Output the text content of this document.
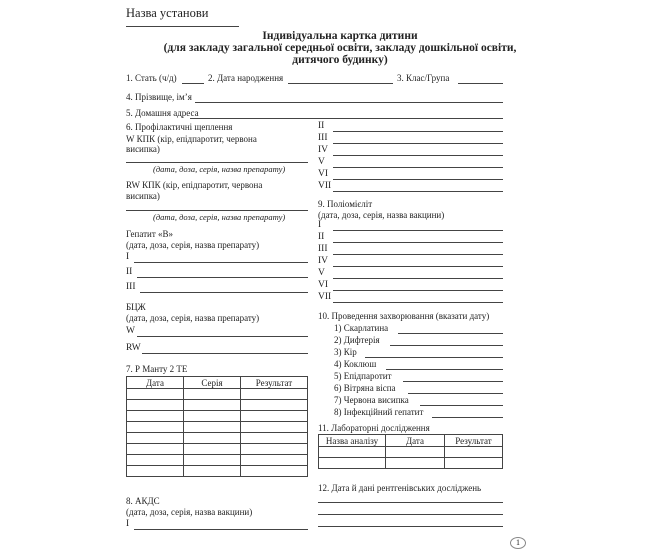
Назва установи
Індивідуальна картка дитини
(для закладу загальної середньої освіти, закладу дошкільної освіти,
дитячого будинку)
1. Стать (ч/д)	2. Дата народження	3. Клас/Група
4. Прізвище, ім’я
5. Домашня адреса
6. Профілактичні щеплення
W КПК (кір, епідпаротит, червона
висипка)
(дата, доза, серія, назва препарату)
RW КПК (кір, епідпаротит, червона
висипка)
(дата, доза, серія, назва препарату)
Гепатит «В»
(дата, доза, серія, назва препарату)
I
II
III
БЦЖ
(дата, доза, серія, назва препарату)
W
RW
7. Р Манту 2 ТЕ
Дата	Серія	Результат

8. АКДС
(дата, доза, серія, назва вакцини)
I
II
III
IV
V
VI
VII
9. Поліомієліт
(дата, доза, серія, назва вакцини)
I
II
III
IV
V
VI
VII
10. Проведення захворювання (вказати дату)
1) Скарлатина
2) Дифтерія
3) Кір
4) Коклюш
5) Епідпаротит
6) Вітряна віспа
7) Червона висипка
8) Інфекційний гепатит
11. Лабораторні дослідження
Назва аналізу	Дата	Результат

12. Дата й дані рентгенівських досліджень
1
